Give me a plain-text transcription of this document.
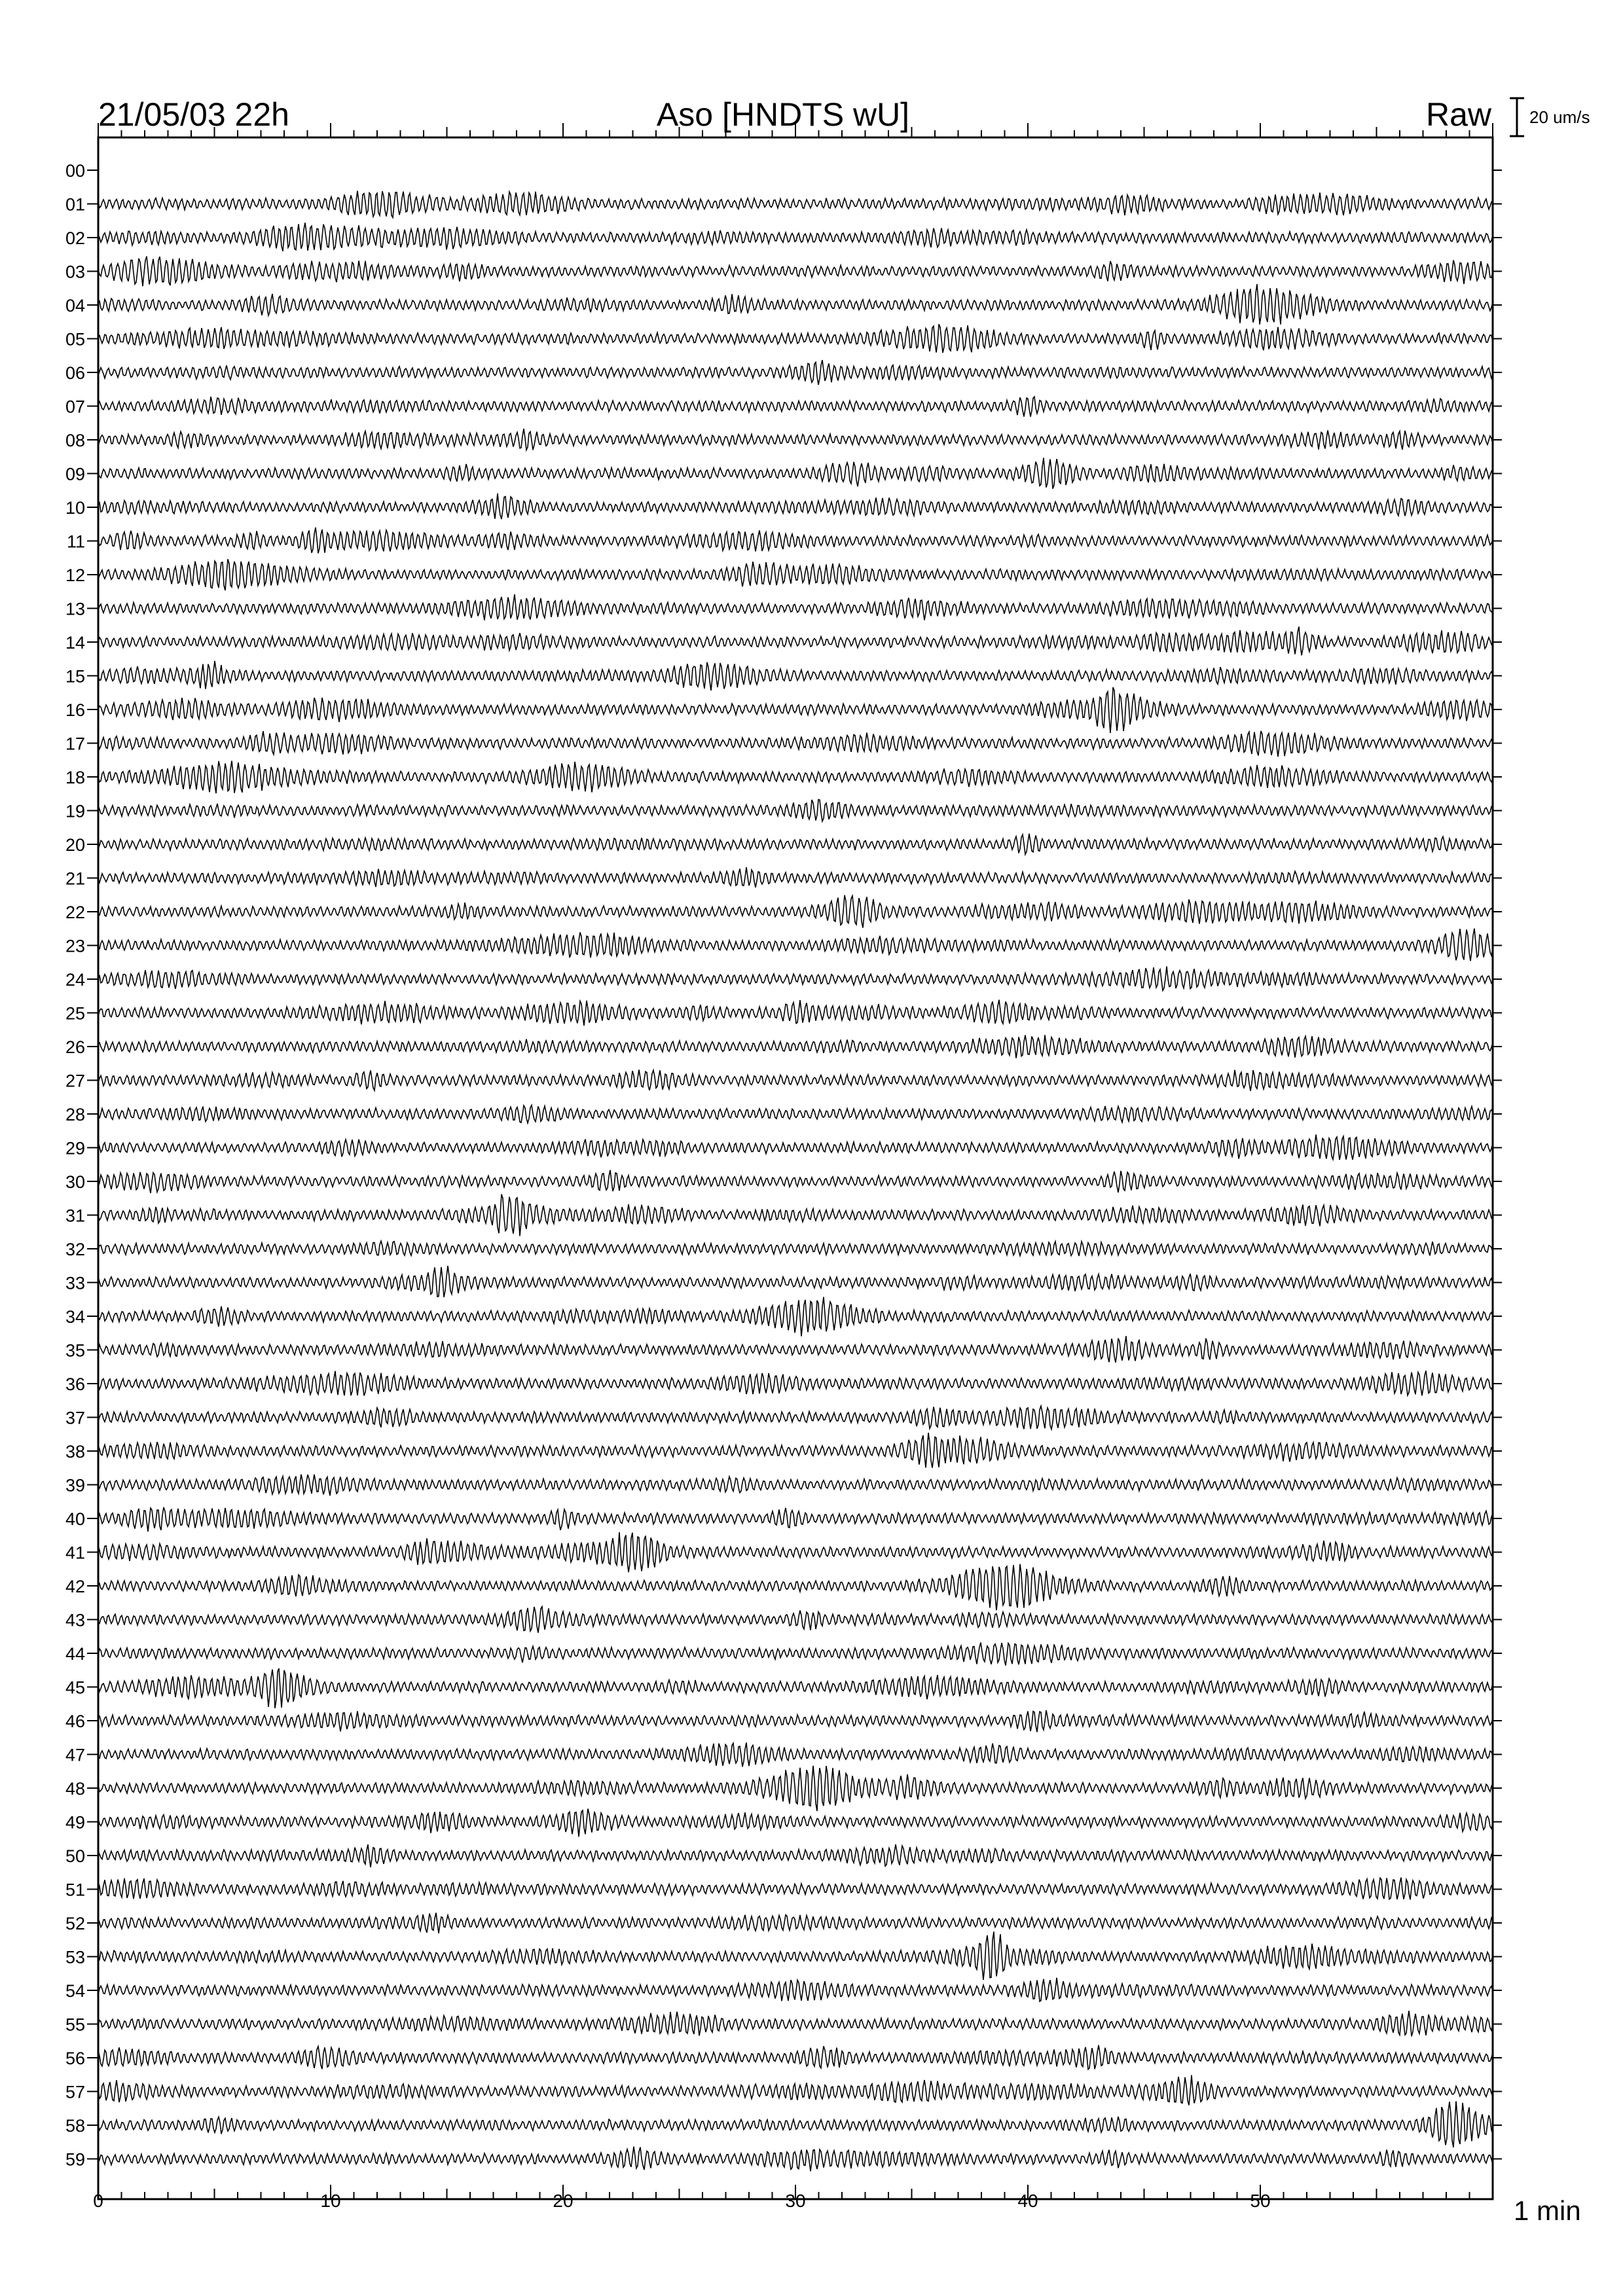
21/05/03 22h	Aso [HNDTS wU]	Raw 20 um/s
00
01
02
03
04
05
06
07
08
09
10
11
12
13
14
15
16
17
18
19
20
21
22
23
24
25
26
27
28
29
30
31
32
33
34
35
36
37
38
39
40
41
42
43
44
45
46
47
48
49
50
51
52
53
54
55
56
57
58
59
0	10	20	30	40	50	1 min
